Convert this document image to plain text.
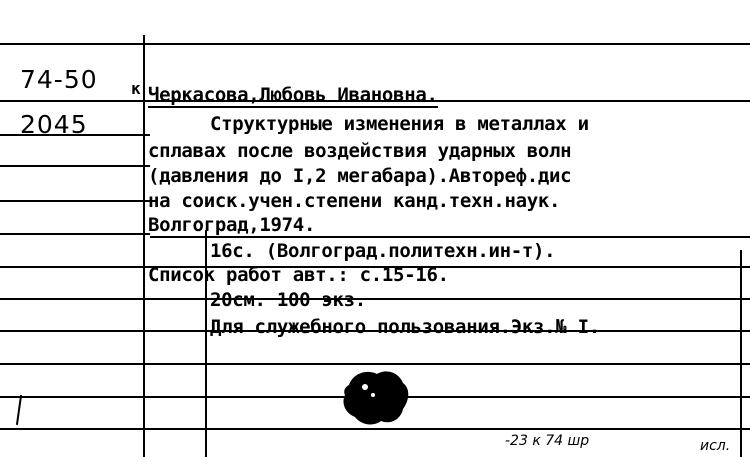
74-50 к
2045
Черкасова,Любовь Ивановна.
Структурные изменения в металлах и
сплавах после воздействия ударных волн
(давления до I,2 мегабара).Автореф.дис
на соиск.учен.степени канд.техн.наук.
Волгоград,1974.
16с. (Волгоград.политехн.ин-т).
Список работ авт.: с.15-16.
20см. 100 экз.
Для служебного пользования.Экз.№ I.
-23 к 74 шр	исл.
